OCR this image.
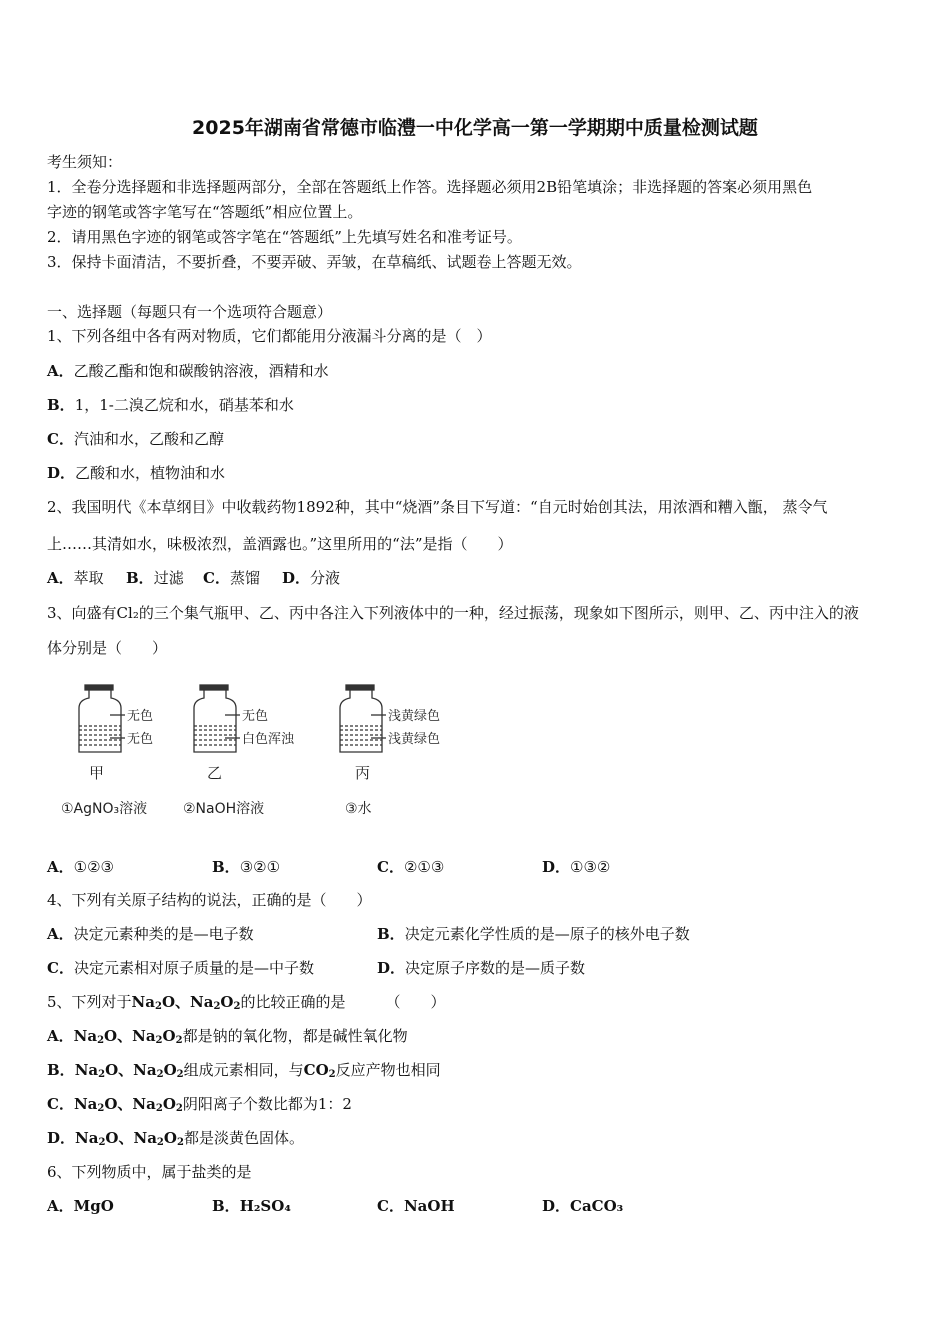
2025年湖南省常德市临澧一中化学高一第一学期期中质量检测试题
考生须知：
1．全卷分选择题和非选择题两部分，全部在答题纸上作答。选择题必须用2B铅笔填涂；非选择题的答案必须用黑色
字迹的钢笔或答字笔写在“答题纸”相应位置上。
2．请用黑色字迹的钢笔或答字笔在“答题纸”上先填写姓名和准考证号。
3．保持卡面清洁，不要折叠，不要弄破、弄皱，在草稿纸、试题卷上答题无效。
一、选择题（每题只有一个选项符合题意）
1、下列各组中各有两对物质，它们都能用分液漏斗分离的是（　）
A．乙酸乙酯和饱和碳酸钠溶液，酒精和水
B．1，1-二溴乙烷和水，硝基苯和水
C．汽油和水，乙酸和乙醇
D．乙酸和水，植物油和水
2、我国明代《本草纲目》中收载药物1892种，其中“烧酒”条目下写道：“自元时始创其法，用浓酒和糟入甑， 蒸令气
上……其清如水，味极浓烈，盖酒露也。”这里所用的“法”是指（　　）
A．萃取 B．过滤 C．蒸馏 D．分液
3、向盛有Cl₂的三个集气瓶甲、乙、丙中各注入下列液体中的一种，经过振荡，现象如下图所示，则甲、乙、丙中注入的液
体分别是（　　）
无色
无色
无色
白色浑浊
浅黄绿色
浅黄绿色
甲	乙	丙
①AgNO₃溶液	②NaOH溶液	③水
A．①②③	B．③②①	C．②①③	D．①③②
4、下列有关原子结构的说法，正确的是（　　）
A．决定元素种类的是—电子数	B．决定元素化学性质的是—原子的核外电子数
C．决定元素相对原子质量的是—中子数	D．决定原子序数的是—质子数
5、下列对于$Na_2O$、$Na_2O_2$的比较正确的是	（　　）
A．$Na_2O$、$Na_2O_2$都是钠的氧化物，都是碱性氧化物
B．$Na_2O$、$Na_2O_2$组成元素相同，与$CO_2$反应产物也相同
C．$Na_2O$、$Na_2O_2$阴阳离子个数比都为1：2
D．$Na_2O$、$Na_2O_2$都是淡黄色固体。
6、下列物质中，属于盐类的是
A．MgO	B．H₂SO₄	C．NaOH	D．CaCO₃
